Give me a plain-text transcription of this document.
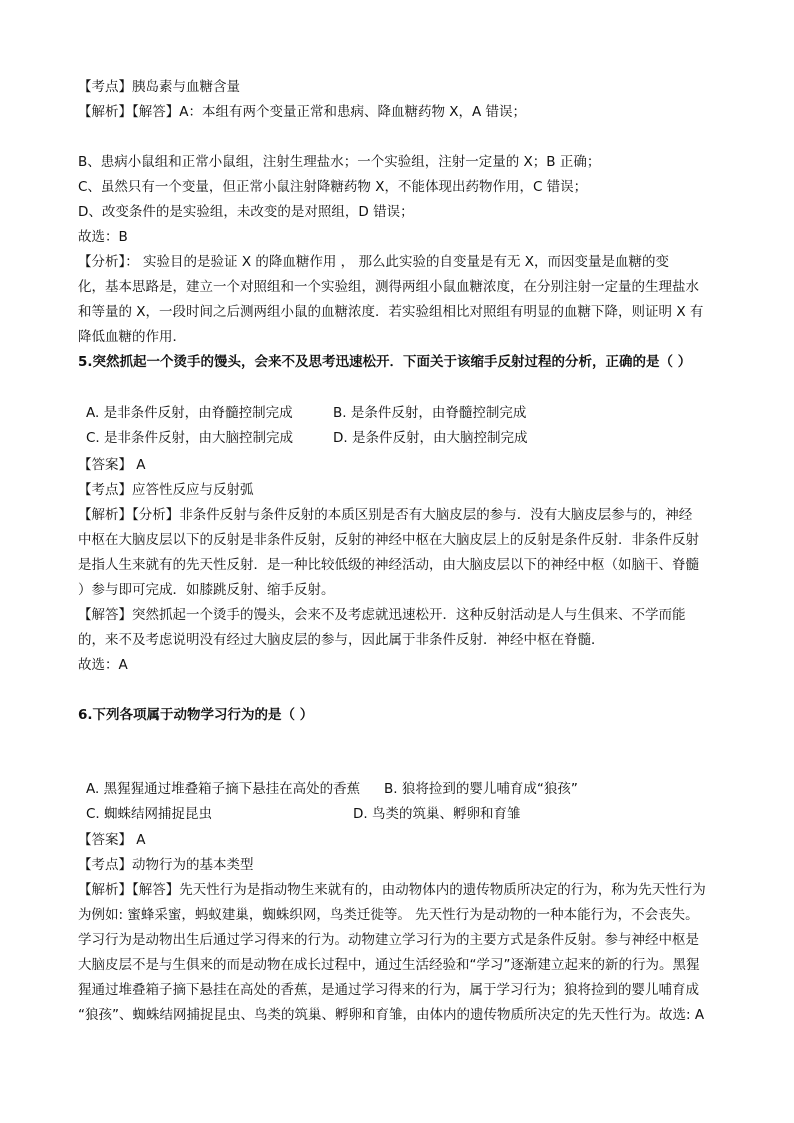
【考点】胰岛素与血糖含量
【解析】【解答】A：本组有两个变量正常和患病、降血糖药物 X，A 错误；
B、患病小鼠组和正常小鼠组，注射生理盐水；一个实验组，注射一定量的 X；B 正确；
C、虽然只有一个变量，但正常小鼠注射降糖药物 X，不能体现出药物作用，C 错误；
D、改变条件的是实验组，未改变的是对照组，D 错误；
故选：B
【分析】： 实验目的是验证 X 的降血糖作用 ， 那么此实验的自变量是有无 X，而因变量是血糖的变
化，基本思路是，建立一个对照组和一个实验组，测得两组小鼠血糖浓度，在分别注射一定量的生理盐水
和等量的 X，一段时间之后测两组小鼠的血糖浓度．若实验组相比对照组有明显的血糖下降，则证明 X 有
降低血糖的作用．
5.突然抓起一个烫手的馒头，会来不及思考迅速松开．下面关于该缩手反射过程的分析，正确的是（ ）
A. 是非条件反射，由脊髓控制完成	B. 是条件反射，由脊髓控制完成
C. 是非条件反射，由大脑控制完成	D. 是条件反射，由大脑控制完成
【答案】 A
【考点】应答性反应与反射弧
【解析】【分析】非条件反射与条件反射的本质区别是否有大脑皮层的参与．没有大脑皮层参与的，神经
中枢在大脑皮层以下的反射是非条件反射，反射的神经中枢在大脑皮层上的反射是条件反射．非条件反射
是指人生来就有的先天性反射．是一种比较低级的神经活动，由大脑皮层以下的神经中枢（如脑干、脊髓
）参与即可完成．如膝跳反射、缩手反射。
【解答】突然抓起一个烫手的馒头，会来不及考虑就迅速松开．这种反射活动是人与生俱来、不学而能
的，来不及考虑说明没有经过大脑皮层的参与，因此属于非条件反射．神经中枢在脊髓．
故选：A
6.下列各项属于动物学习行为的是（ ）
A. 黑猩猩通过堆叠箱子摘下悬挂在高处的香蕉 B. 狼将捡到的婴儿哺育成“狼孩”
C. 蜘蛛结网捕捉昆虫	D. 鸟类的筑巢、孵卵和育雏
【答案】 A
【考点】动物行为的基本类型
【解析】【解答】先天性行为是指动物生来就有的，由动物体内的遗传物质所决定的行为，称为先天性行为
为例如: 蜜蜂采蜜，蚂蚁建巢，蜘蛛织网，鸟类迁徙等。 先天性行为是动物的一种本能行为，不会丧失。
学习行为是动物出生后通过学习得来的行为。动物建立学习行为的主要方式是条件反射。参与神经中枢是
大脑皮层不是与生俱来的而是动物在成长过程中，通过生活经验和“学习”逐渐建立起来的新的行为。黑猩
猩通过堆叠箱子摘下悬挂在高处的香蕉，是通过学习得来的行为，属于学习行为；狼将捡到的婴儿哺育成
“狼孩”、蜘蛛结网捕捉昆虫、鸟类的筑巢、孵卵和育雏，由体内的遗传物质所决定的先天性行为。故选: A
